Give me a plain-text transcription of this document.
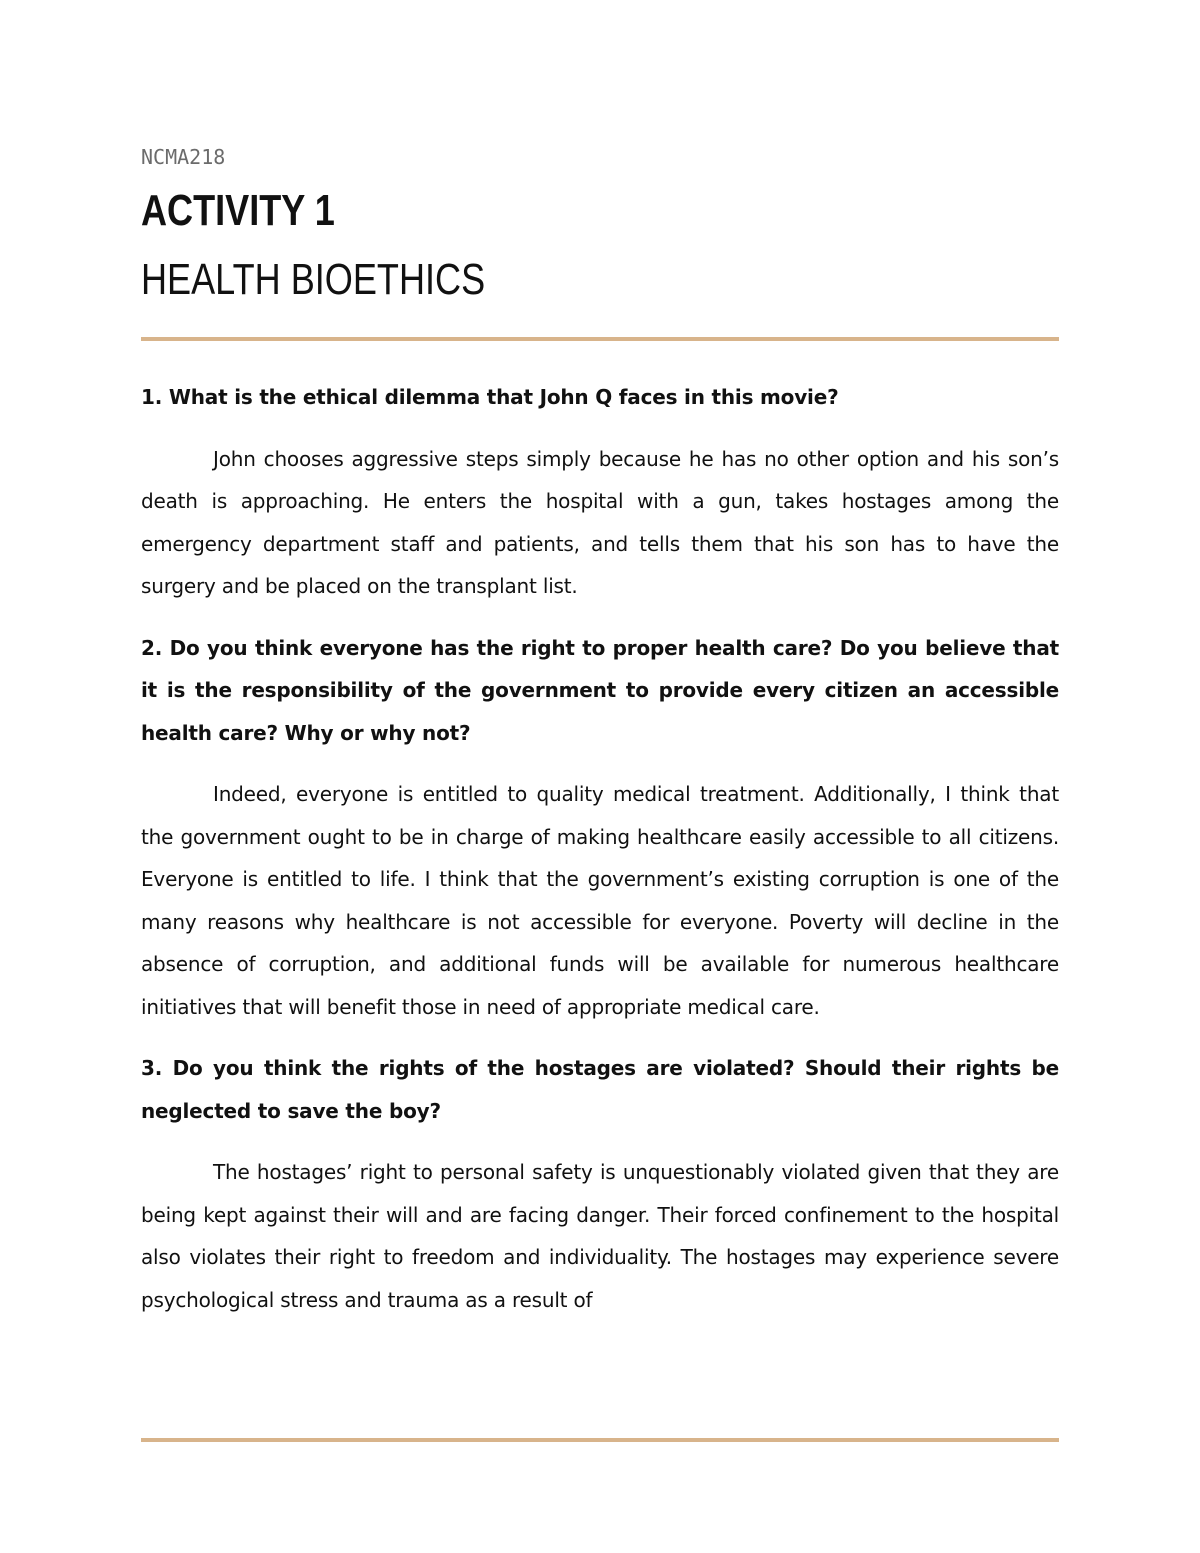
NCMA218
ACTIVITY 1
HEALTH BIOETHICS

1. What is the ethical dilemma that John Q faces in this movie?

John chooses aggressive steps simply because he has no other option and his son’s death is approaching. He enters the hospital with a gun, takes hostages among the emergency department staff and patients, and tells them that his son has to have the surgery and be placed on the transplant list.

2. Do you think everyone has the right to proper health care? Do you believe that it is the responsibility of the government to provide every citizen an accessible health care? Why or why not?

Indeed, everyone is entitled to quality medical treatment. Additionally, I think that the government ought to be in charge of making healthcare easily accessible to all citizens. Everyone is entitled to life. I think that the government’s existing corruption is one of the many reasons why healthcare is not accessible for everyone. Poverty will decline in the absence of corruption, and additional funds will be available for numerous healthcare initiatives that will benefit those in need of appropriate medical care.

3. Do you think the rights of the hostages are violated? Should their rights be neglected to save the boy?

The hostages’ right to personal safety is unquestionably violated given that they are being kept against their will and are facing danger. Their forced confinement to the hospital also violates their right to freedom and individuality. The hostages may experience severe psychological stress and trauma as a result of
